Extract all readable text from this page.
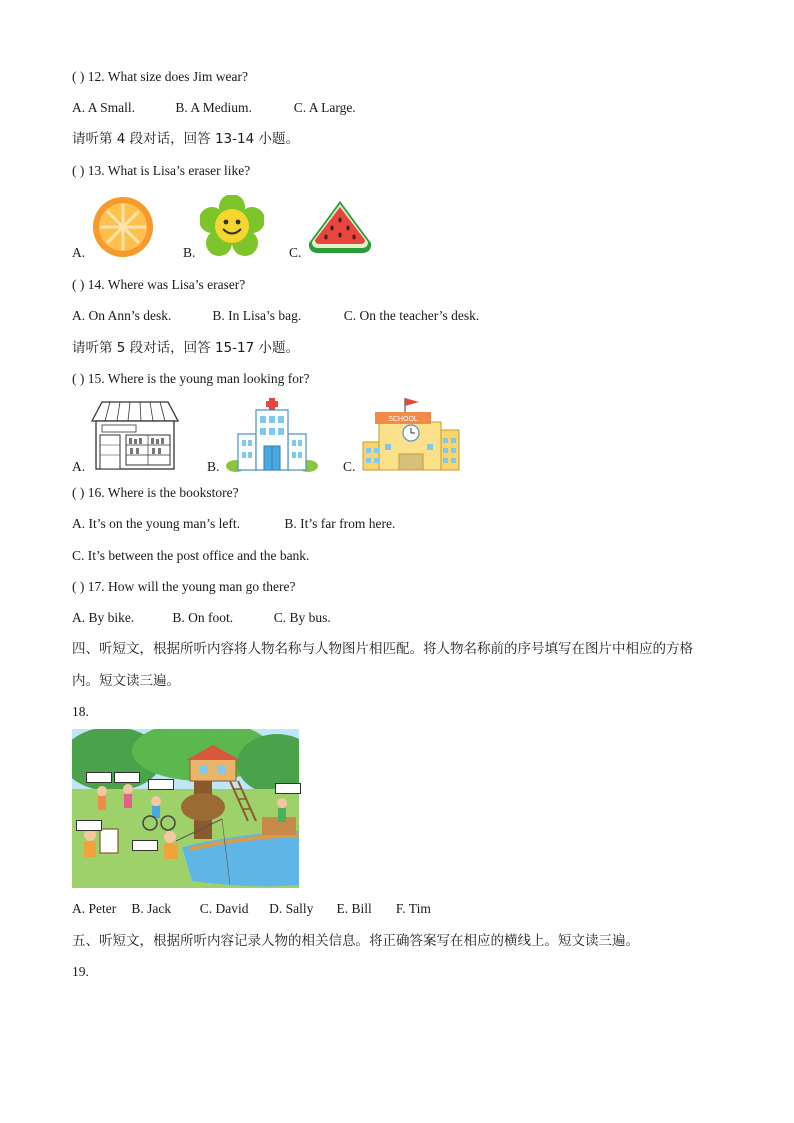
( ) 12. What size does Jim wear?
A. A Small.	B. A Medium.	C. A Large.
请听第 4 段对话，回答 13-14 小题。
( ) 13. What is Lisa’s eraser like?
A.	B.	C.
( ) 14. Where was Lisa’s eraser?
A. On Ann’s desk.	B. In Lisa’s bag.	C. On the teacher’s desk.
请听第 5 段对话，回答 15-17 小题。
( ) 15. Where is the young man looking for?
A.	B.	C.
SCHOOL
( ) 16. Where is the bookstore?
A. It’s on the young man’s left.	B. It’s far from here.
C. It’s between the post office and the bank.
( ) 17. How will the young man go there?
A. By bike.	B. On foot.	C. By bus.
四、听短文，根据所听内容将人物名称与人物图片相匹配。将人物名称前的序号填写在图片中相应的方格
内。短文读三遍。
18.
A. Peter B. Jack C. David D. Sally E. Bill F. Tim
五、听短文，根据所听内容记录人物的相关信息。将正确答案写在相应的横线上。短文读三遍。
19.
